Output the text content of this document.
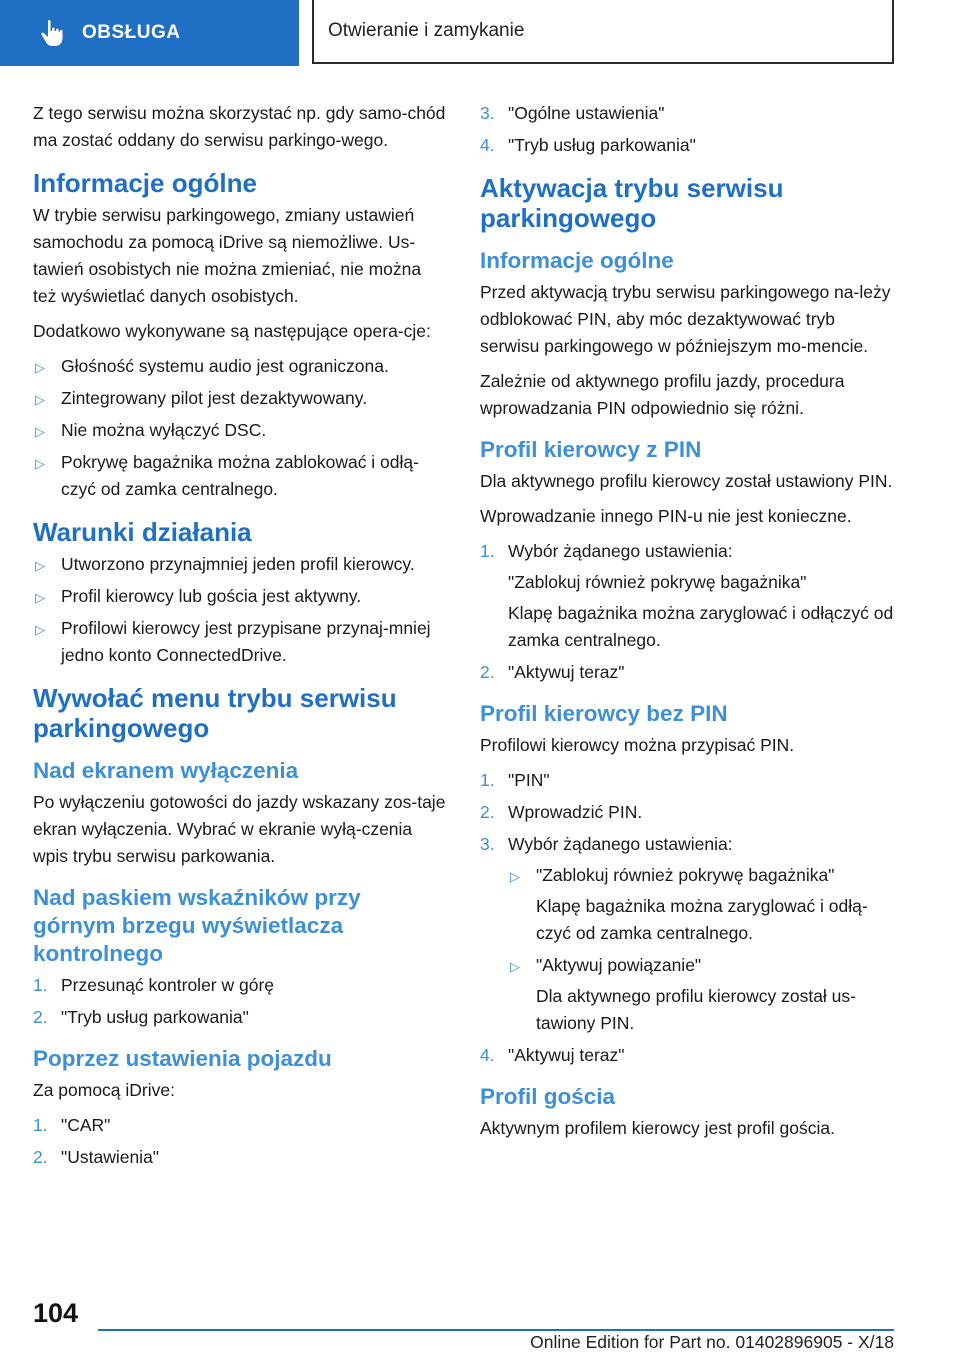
OBSŁUGA	Otwieranie i zamykanie

Z tego serwisu można skorzystać np. gdy samo-chód ma zostać oddany do serwisu parkingo-wego.

Informacje ogólne

W trybie serwisu parkingowego, zmiany ustawień samochodu za pomocą iDrive są niemożliwe. Us-tawień osobistych nie można zmieniać, nie można też wyświetlać danych osobistych.

Dodatkowo wykonywane są następujące opera-cje:

▷ Głośność systemu audio jest ograniczona.
▷ Zintegrowany pilot jest dezaktywowany.
▷ Nie można wyłączyć DSC.
▷ Pokrywę bagażnika można zablokować i odłą-czyć od zamka centralnego.
Warunki działania
▷ Utworzono przynajmniej jeden profil kierowcy.
▷ Profil kierowcy lub gościa jest aktywny.
▷ Profilowi kierowcy jest przypisane przynaj-mniej jedno konto ConnectedDrive.
Wywołać menu trybu serwisu parkingowego
Nad ekranem wyłączenia

Po wyłączeniu gotowości do jazdy wskazany zos-taje ekran wyłączenia. Wybrać w ekranie wyłą-czenia wpis trybu serwisu parkowania.

Nad paskiem wskaźników przy górnym brzegu wyświetlacza kontrolnego
1. Przesunąć kontroler w górę
2. "Tryb usług parkowania"
Poprzez ustawienia pojazdu

Za pomocą iDrive:

1. "CAR"
2. "Ustawienia"
3. "Ogólne ustawienia"
4. "Tryb usług parkowania"
Aktywacja trybu serwisu parkingowego
Informacje ogólne

Przed aktywacją trybu serwisu parkingowego na-leży odblokować PIN, aby móc dezaktywować tryb serwisu parkingowego w późniejszym mo-mencie.

Zależnie od aktywnego profilu jazdy, procedura wprowadzania PIN odpowiednio się różni.

Profil kierowcy z PIN

Dla aktywnego profilu kierowcy został ustawiony PIN.

Wprowadzanie innego PIN-u nie jest konieczne.

1. Wybór żądanego ustawienia:

"Zablokuj również pokrywę bagażnika"

Klapę bagażnika można zaryglować i odłączyć od zamka centralnego.

2. "Aktywuj teraz"
Profil kierowcy bez PIN

Profilowi kierowcy można przypisać PIN.

1. "PIN"
2. Wprowadzić PIN.
3. Wybór żądanego ustawienia:
▷ "Zablokuj również pokrywę bagażnika"

Klapę bagażnika można zaryglować i odłą-czyć od zamka centralnego.

▷ "Aktywuj powiązanie"

Dla aktywnego profilu kierowcy został us-tawiony PIN.

4. "Aktywuj teraz"
Profil gościa

Aktywnym profilem kierowcy jest profil gościa.

104
Online Edition for Part no. 01402896905 - X/18
